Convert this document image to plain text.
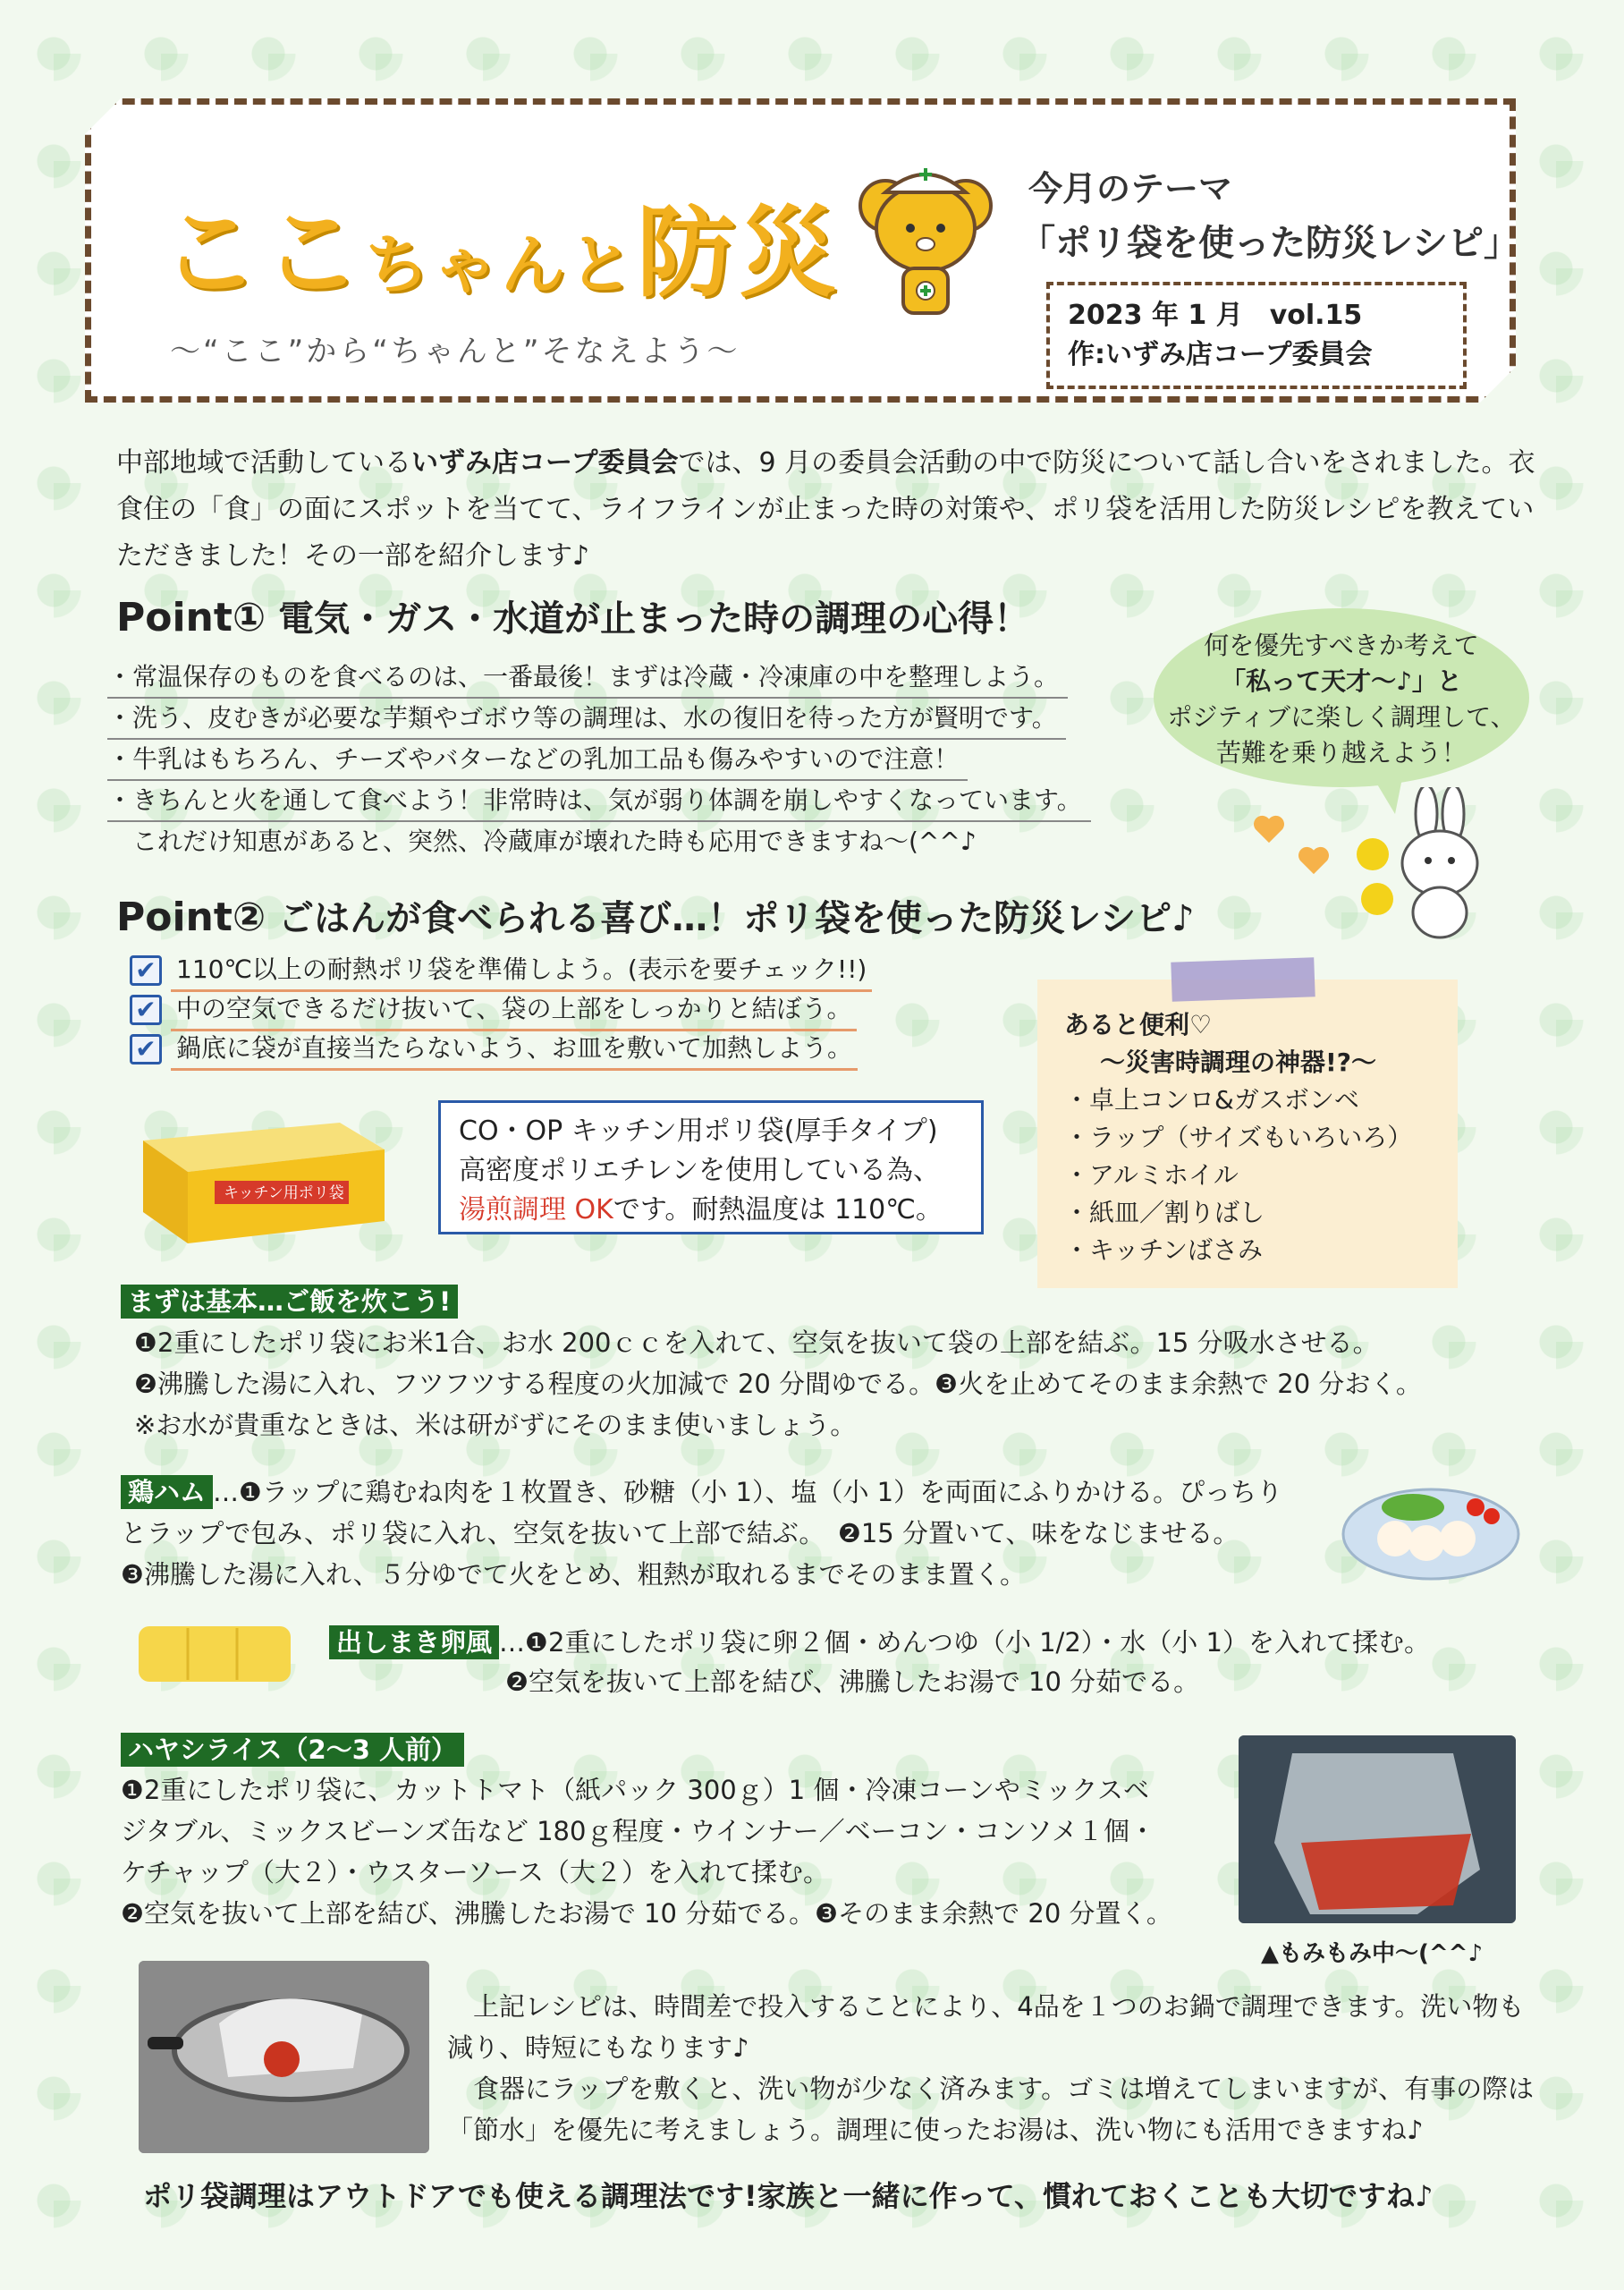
ここちゃんと防災
～“ここ”から“ちゃんと”そなえよう～
今月のテーマ
「ポリ袋を使った防災レシピ」
2023 年 1 月　vol.15
作:いずみ店コープ委員会
中部地域で活動しているいずみ店コープ委員会では、9 月の委員会活動の中で防災について話し合いをされました。衣食住の「食」の面にスポットを当てて、ライフラインが止まった時の対策や、ポリ袋を活用した防災レシピを教えていただきました！その一部を紹介します♪
Point① 電気・ガス・水道が止まった時の調理の心得！
・常温保存のものを食べるのは、一番最後！まずは冷蔵・冷凍庫の中を整理しよう。
・洗う、皮むきが必要な芋類やゴボウ等の調理は、水の復旧を待った方が賢明です。
・牛乳はもちろん、チーズやバターなどの乳加工品も傷みやすいので注意！
・きちんと火を通して食べよう！非常時は、気が弱り体調を崩しやすくなっています。
　これだけ知恵があると、突然、冷蔵庫が壊れた時も応用できますね～(^^♪
何を優先すべきか考えて
「私って天才～♪」と
ポジティブに楽しく調理して、
苦難を乗り越えよう！
Point② ごはんが食べられる喜び…！ポリ袋を使った防災レシピ♪
✔ 110℃以上の耐熱ポリ袋を準備しよう。(表示を要チェック!!)
✔ 中の空気できるだけ抜いて、袋の上部をしっかりと結ぼう。
✔ 鍋底に袋が直接当たらないよう、お皿を敷いて加熱しよう。
あると便利♡
～災害時調理の神器!?～
・卓上コンロ&ガスボンベ
・ラップ（サイズもいろいろ）
・アルミホイル
・紙皿／割りばし
・キッチンばさみ
キッチン用ポリ袋
CO・OP キッチン用ポリ袋(厚手タイプ)
高密度ポリエチレンを使用している為、
湯煎調理 OKです。耐熱温度は 110℃。
まずは基本…ご飯を炊こう!
❶2重にしたポリ袋にお米1合、お水 200ｃｃを入れて、空気を抜いて袋の上部を結ぶ。15 分吸水させる。
❷沸騰した湯に入れ、フツフツする程度の火加減で 20 分間ゆでる。❸火を止めてそのまま余熱で 20 分おく。
※お水が貴重なときは、米は研がずにそのまま使いましょう。
鶏ハム …❶ラップに鶏むね肉を１枚置き、砂糖（小 1）、塩（小 1）を両面にふりかける。ぴっちり
とラップで包み、ポリ袋に入れ、空気を抜いて上部で結ぶ。　❷15 分置いて、味をなじませる。
❸沸騰した湯に入れ、５分ゆでて火をとめ、粗熱が取れるまでそのまま置く。
出しまき卵風 …❶2重にしたポリ袋に卵２個・めんつゆ（小 1/2）・水（小 1）を入れて揉む。
❷空気を抜いて上部を結び、沸騰したお湯で 10 分茹でる。
ハヤシライス（2～3 人前）
❶2重にしたポリ袋に、カットトマト（紙パック 300ｇ）1 個・冷凍コーンやミックスベ
ジタブル、ミックスビーンズ缶など 180ｇ程度・ウインナー／ベーコン・コンソメ１個・
ケチャップ（大２）・ウスターソース（大２）を入れて揉む。
❷空気を抜いて上部を結び、沸騰したお湯で 10 分茹でる。❸そのまま余熱で 20 分置く。
▲もみもみ中～(^^♪
　上記レシピは、時間差で投入することにより、4品を１つのお鍋で調理できます。洗い物も
減り、時短にもなります♪
　食器にラップを敷くと、洗い物が少なく済みます。ゴミは増えてしまいますが、有事の際は
「節水」を優先に考えましょう。調理に使ったお湯は、洗い物にも活用できますね♪
ポリ袋調理はアウトドアでも使える調理法です!家族と一緒に作って、慣れておくことも大切ですね♪
